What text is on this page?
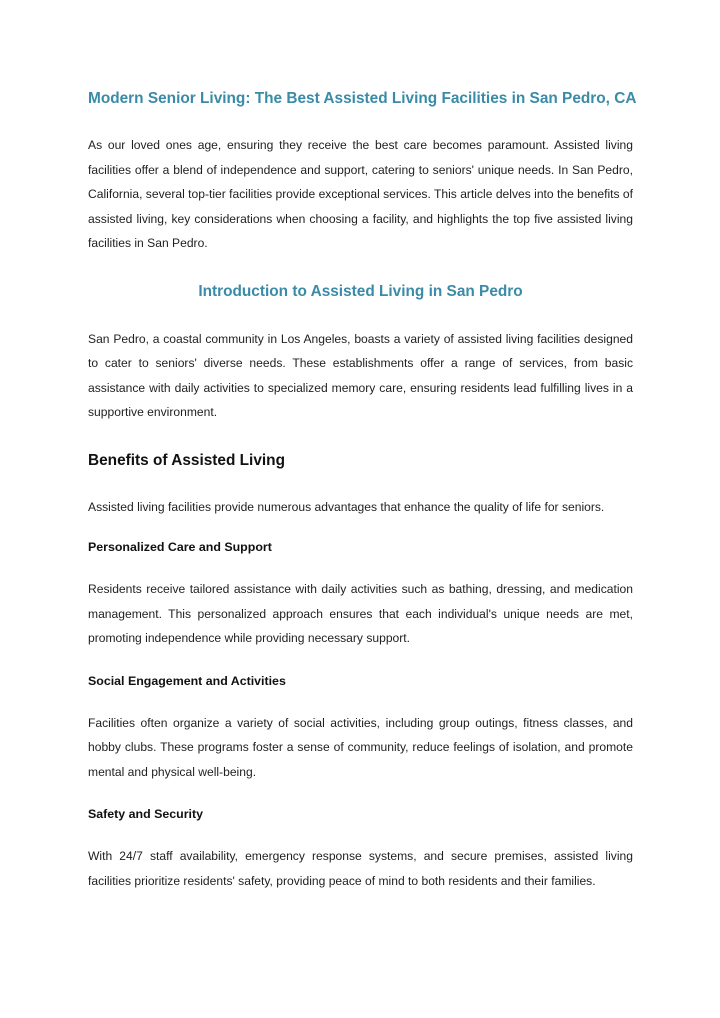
Modern Senior Living: The Best Assisted Living Facilities in San Pedro, CA

As our loved ones age, ensuring they receive the best care becomes paramount. Assisted living facilities offer a blend of independence and support, catering to seniors' unique needs. In San Pedro, California, several top-tier facilities provide exceptional services. This article delves into the benefits of assisted living, key considerations when choosing a facility, and highlights the top five assisted living facilities in San Pedro.

Introduction to Assisted Living in San Pedro

San Pedro, a coastal community in Los Angeles, boasts a variety of assisted living facilities designed to cater to seniors' diverse needs. These establishments offer a range of services, from basic assistance with daily activities to specialized memory care, ensuring residents lead fulfilling lives in a supportive environment.

Benefits of Assisted Living

Assisted living facilities provide numerous advantages that enhance the quality of life for seniors.

Personalized Care and Support

Residents receive tailored assistance with daily activities such as bathing, dressing, and medication management. This personalized approach ensures that each individual's unique needs are met, promoting independence while providing necessary support.

Social Engagement and Activities

Facilities often organize a variety of social activities, including group outings, fitness classes, and hobby clubs. These programs foster a sense of community, reduce feelings of isolation, and promote mental and physical well-being.

Safety and Security

With 24/7 staff availability, emergency response systems, and secure premises, assisted living facilities prioritize residents' safety, providing peace of mind to both residents and their families.
